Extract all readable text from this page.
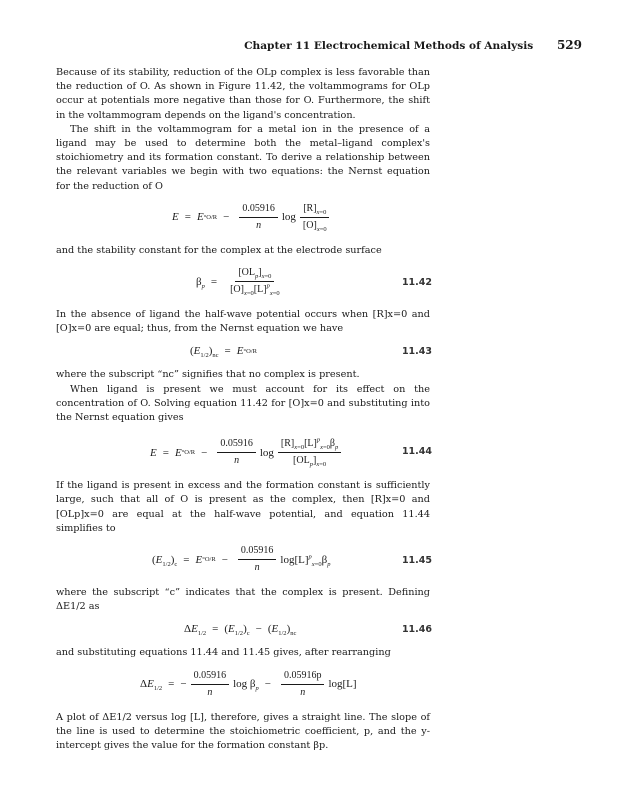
Chapter 11 Electrochemical Methods of Analysis 529

Because of its stability, reduction of the OLp complex is less favorable than the reduction of O. As shown in Figure 11.42, the voltammograms for OLp occur at potentials more negative than those for O. Furthermore, the shift in the voltammogram depends on the ligand's concentration.

The shift in the voltammogram for a metal ion in the presence of a ligand may be used to determine both the metal–ligand complex's stoichiometry and its formation constant. To derive a relationship between the relevant variables we begin with two equations: the Nernst equation for the reduction of O

E = E ° $O/R - \frac{0.05916}{n}$ $\log \frac{[R]_{x=0}}{[O]_{x=0}}$

and the stability constant for the complex at the electrode surface

$\beta_p = \frac{[OL_p]_{x=0}}{[O]_{x=0}[L]^p_{x=0}}$	11.42

In the absence of ligand the half-wave potential occurs when [R]x=0 and [O]x=0 are equal; thus, from the Nernst equation we have

$(E_{1/2})_{nc} = E$ ° O/R	11.43

where the subscript “nc” signifies that no complex is present.

When ligand is present we must account for its effect on the concentration of O. Solving equation 11.42 for [O]x=0 and substituting into the Nernst equation gives

E = E ° $O/R - \frac{0.05916}{n}$ $\log \frac{[R]_{x=0}[L]^p_{x=0}\beta_p}{[OL_p]_{x=0}}$	11.44

If the ligand is present in excess and the formation constant is sufficiently large, such that all of O is present as the complex, then [R]x=0 and [OLp]x=0 are equal at the half-wave potential, and equation 11.44 simplifies to

$(E_{1/2})_c = E$ ° $O/R - \frac{0.05916}{n} \log[L]^p_{x=0}\beta_p$	11.45

where the subscript “c” indicates that the complex is present. Defining ΔE1/2 as

$\Delta E_{1/2} = (E_{1/2})_c - (E_{1/2})_{nc}$	11.46

and substituting equations 11.44 and 11.45 gives, after rearranging

$\Delta E_{1/2}$ = − $\frac{0.05916}{n}$ $\log \beta_p - \frac{0.05916p}{n} \log[L]$

A plot of ΔE1/2 versus log [L], therefore, gives a straight line. The slope of the line is used to determine the stoichiometric coefficient, p, and the y-intercept gives the value for the formation constant βp.
